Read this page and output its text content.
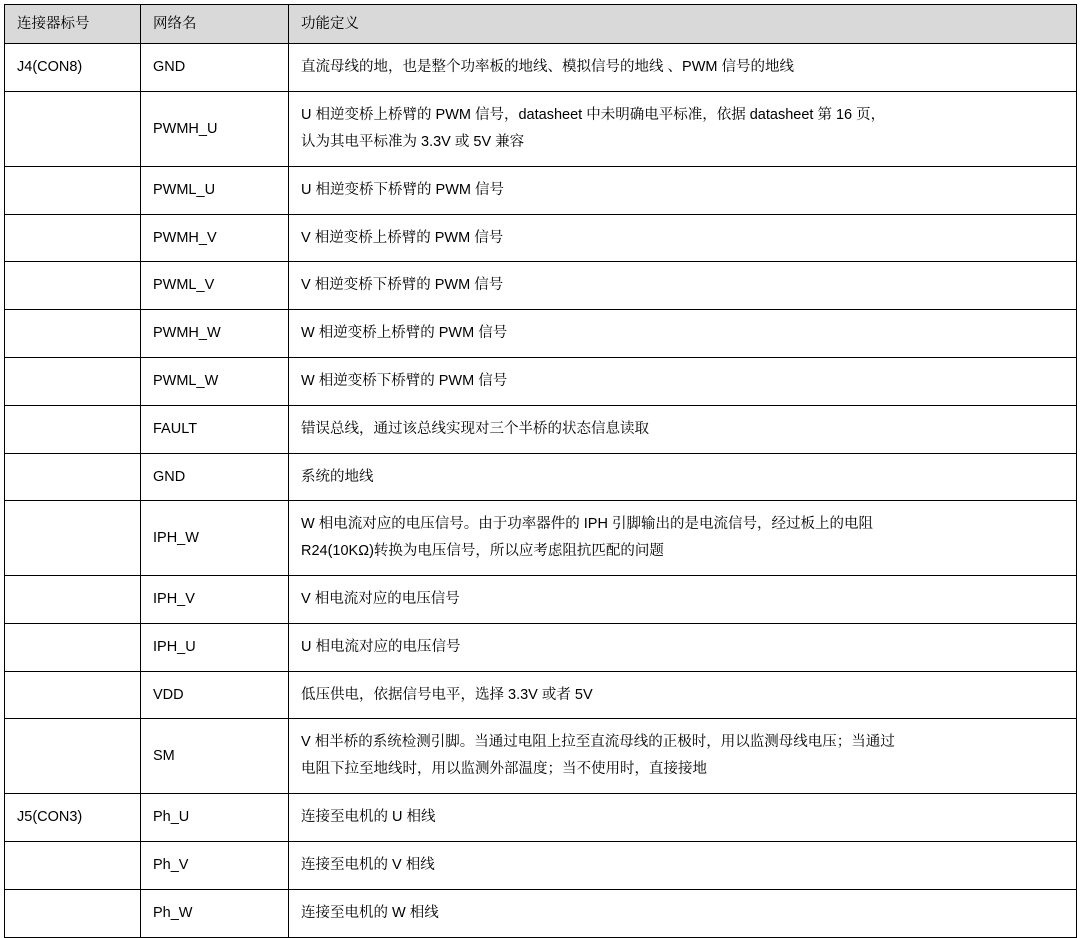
连接器标号	网络名	功能定义
J4(CON8)	GND	直流母线的地，也是整个功率板的地线、模拟信号的地线 、PWM 信号的地线

	PWMH_U	U 相逆变桥上桥臂的 PWM 信号，datasheet 中未明确电平标准，依据 datasheet 第 16 页，
认为其电平标准为 3.3V 或 5V 兼容

	PWML_U	U 相逆变桥下桥臂的 PWM 信号

	PWMH_V	V 相逆变桥上桥臂的 PWM 信号

	PWML_V	V 相逆变桥下桥臂的 PWM 信号

	PWMH_W	W 相逆变桥上桥臂的 PWM 信号

	PWML_W	W 相逆变桥下桥臂的 PWM 信号

	FAULT	错误总线，通过该总线实现对三个半桥的状态信息读取

	GND	系统的地线

	IPH_W	W 相电流对应的电压信号。由于功率器件的 IPH 引脚输出的是电流信号，经过板上的电阻
R24(10KΩ)转换为电压信号，所以应考虑阻抗匹配的问题

	IPH_V	V 相电流对应的电压信号

	IPH_U	U 相电流对应的电压信号

	VDD	低压供电，依据信号电平，选择 3.3V 或者 5V

	SM	V 相半桥的系统检测引脚。当通过电阻上拉至直流母线的正极时，用以监测母线电压；当通过
电阻下拉至地线时，用以监测外部温度；当不使用时，直接接地

J5(CON3)	Ph_U	连接至电机的 U 相线

	Ph_V	连接至电机的 V 相线

	Ph_W	连接至电机的 W 相线
